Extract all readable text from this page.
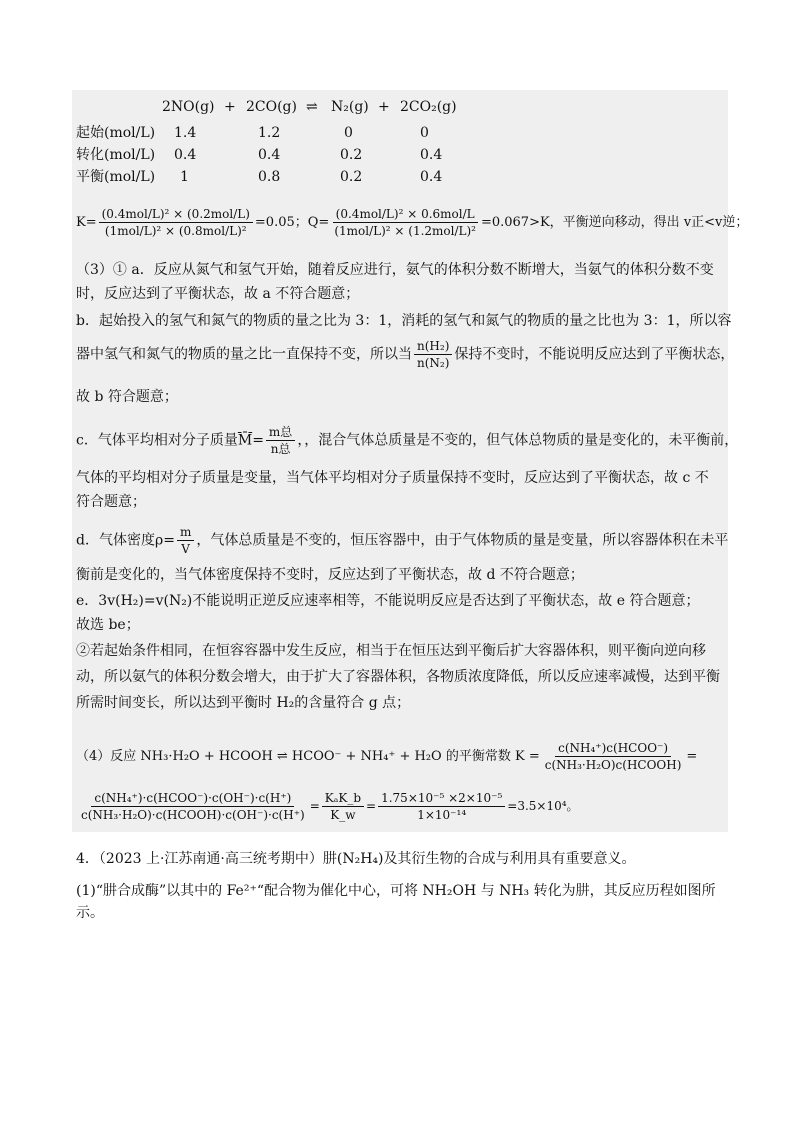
2NO(g) + 2CO(g) ⇌ N₂(g) + 2CO₂(g)
起始(mol/L) 1.4	1.2	0	0
转化(mol/L) 0.4	0.4	0.2	0.4
平衡(mol/L) 1	0.8	0.2	0.4
$K= \frac{\text{(0.4mol/L)² × (0.2mol/L)}}{\text{(1mol/L)² × (0.8mol/L)²}} =0.05$；$Q= \frac{\text{(0.4mol/L)² × 0.6mol/L}}{\text{(1mol/L)² × (1.2mol/L)²}} =0.067>K$，平衡逆向移动，得出 v正<v逆；
（3）① a．反应从氮气和氢气开始，随着反应进行，氨气的体积分数不断增大，当氨气的体积分数不变时，反应达到了平衡状态，故 a 不符合题意；
b．起始投入的氢气和氮气的物质的量之比为 3：1，消耗的氢气和氮气的物质的量之比也为 3：1，所以容
器中氢气和氮气的物质的量之比一直保持不变，所以当 $\frac{\text{n(H₂)}}{\text{n(N₂)}}$ 保持不变时，不能说明反应达到了平衡状态，
故 b 符合题意；
c．气体平均相对分子质量M̄= $\frac{\text{m总}}{\text{n总}}$ ，，混合气体总质量是不变的，但气体总物质的量是变化的，未平衡前，
气体的平均相对分子质量是变量，当气体平均相对分子质量保持不变时，反应达到了平衡状态，故 c 不符合题意；
d．气体密度$\rho= \frac{m}{V}$ ，气体总质量是不变的，恒压容器中，由于气体物质的量是变量，所以容器体积在未平
衡前是变化的，当气体密度保持不变时，反应达到了平衡状态，故 d 不符合题意；
e．3v(H₂)=v(N₂)不能说明正逆反应速率相等，不能说明反应是否达到了平衡状态，故 e 符合题意；
故选 be；
②若起始条件相同，在恒容容器中发生反应，相当于在恒压达到平衡后扩大容器体积，则平衡向逆向移动，所以氨气的体积分数会增大，由于扩大了容器体积，各物质浓度降低，所以反应速率减慢，达到平衡所需时间变长，所以达到平衡时 H₂的含量符合 g 点；
（4）反应 NH₃·H₂O + HCOOH ⇌ HCOO⁻ + NH₄⁺ + H₂O 的平衡常数 $K = \frac{\text{c(NH₄⁺)c(HCOO⁻)}}{\text{c(NH₃·H₂O)c(HCOOH)}}$ =
$\frac{\text{c(NH₄⁺)·c(HCOO⁻)·c(OH⁻)·c(H⁺)}}{\text{c(NH₃·H₂O)·c(HCOOH)·c(OH⁻)·c(H⁺)}} = \frac{\text{KₐK\_b}}{K\_w} = \frac{\text{1.75×10⁻⁵ ×2×10⁻⁵}}{\text{1×10⁻¹⁴}} =3.5\times 10^4$。
4．（2023 上·江苏南通·高三统考期中）肼(N₂H₄)及其衍生物的合成与利用具有重要意义。
(1)“肼合成酶”以其中的 Fe²⁺“配合物为催化中心，可将 NH₂OH 与 NH₃ 转化为肼，其反应历程如图所示。
